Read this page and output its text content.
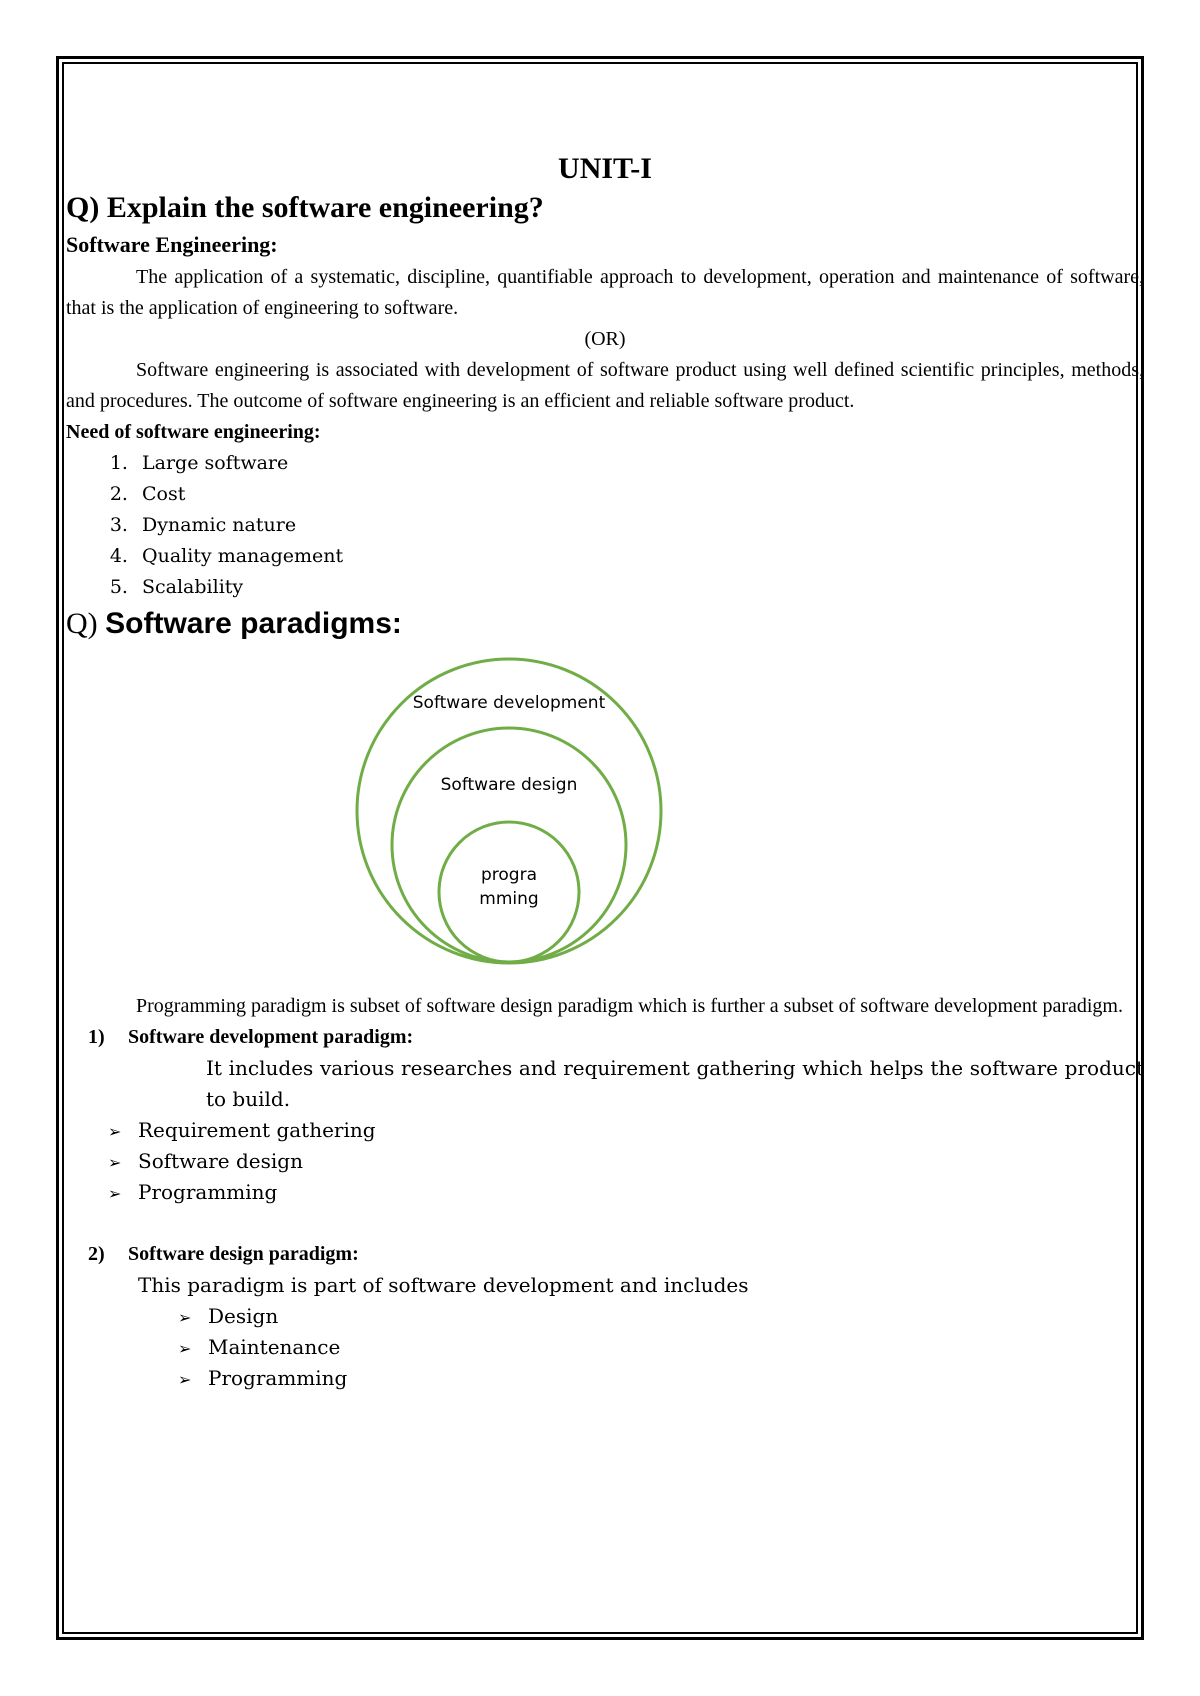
UNIT-I

Q) Explain the software engineering?

Software Engineering:

The application of a systematic, discipline, quantifiable approach to development, operation and maintenance of software, that is the application of engineering to software.

(OR)

Software engineering is associated with development of software product using well defined scientific principles, methods, and procedures. The outcome of software engineering is an efficient and reliable software product.

Need of software engineering:

1. Large software
2. Cost
3. Dynamic nature
4. Quality management
5. Scalability

Q) Software paradigms:

Software development
Software design
progra
mming

Programming paradigm is subset of software design paradigm which is further a subset of software development paradigm.

1) Software development paradigm:

It includes various researches and requirement gathering which helps the software product to build.

➢ Requirement gathering
➢ Software design
➢ Programming

2) Software design paradigm:

This paradigm is part of software development and includes

➢ Design
➢ Maintenance
➢ Programming
